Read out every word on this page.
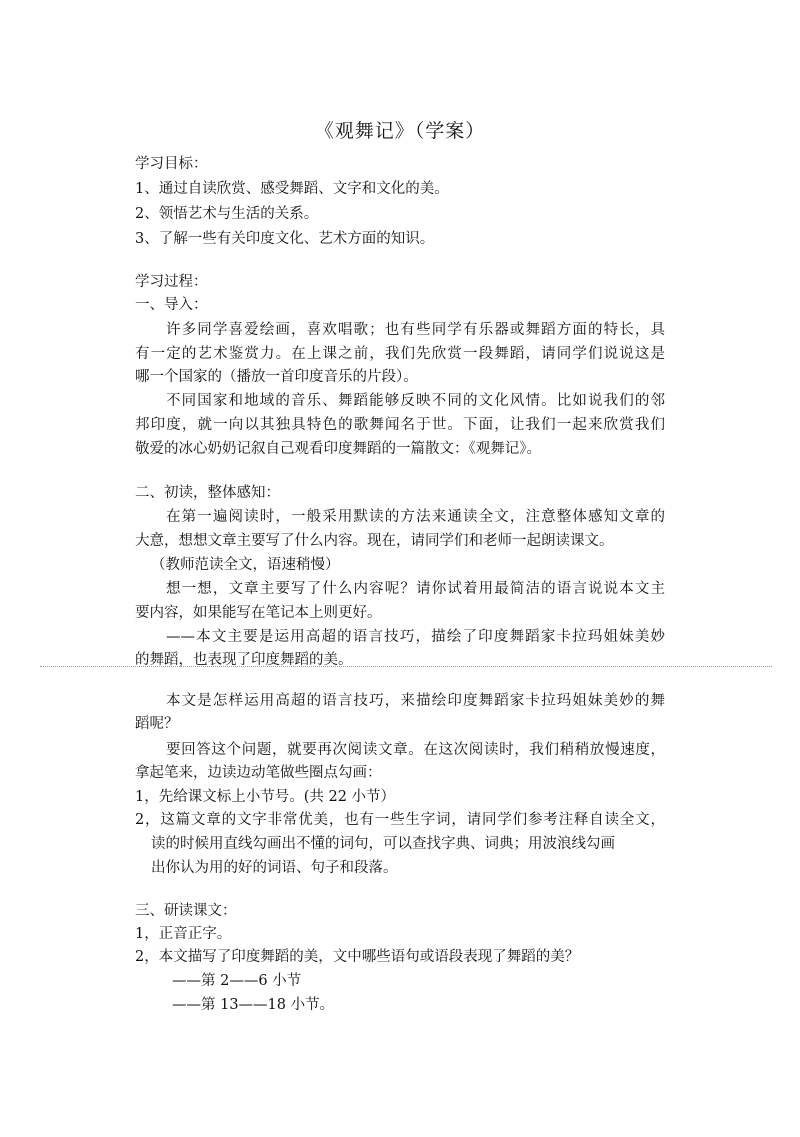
《观舞记》（学案）
学习目标：
1、通过自读欣赏、感受舞蹈、文字和文化的美。
2、领悟艺术与生活的关系。
3、了解一些有关印度文化、艺术方面的知识。
学习过程：
一、导入：
许多同学喜爱绘画，喜欢唱歌；也有些同学有乐器或舞蹈方面的特长，具
有一定的艺术鉴赏力。在上课之前，我们先欣赏一段舞蹈，请同学们说说这是
哪一个国家的（播放一首印度音乐的片段）。
不同国家和地域的音乐、舞蹈能够反映不同的文化风情。比如说我们的邻
邦印度，就一向以其独具特色的歌舞闻名于世。下面，让我们一起来欣赏我们
敬爱的冰心奶奶记叙自己观看印度舞蹈的一篇散文：《观舞记》。
二、初读，整体感知：
在第一遍阅读时，一般采用默读的方法来通读全文，注意整体感知文章的
大意，想想文章主要写了什么内容。现在，请同学们和老师一起朗读课文。
（教师范读全文，语速稍慢）
想一想，文章主要写了什么内容呢？请你试着用最简洁的语言说说本文主
要内容，如果能写在笔记本上则更好。
——本文主要是运用高超的语言技巧，描绘了印度舞蹈家卡拉玛姐妹美妙
的舞蹈，也表现了印度舞蹈的美。
本文是怎样运用高超的语言技巧，来描绘印度舞蹈家卡拉玛姐妹美妙的舞
蹈呢？
要回答这个问题，就要再次阅读文章。在这次阅读时，我们稍稍放慢速度，
拿起笔来，边读边动笔做些圈点勾画：
1，先给课文标上小节号。(共 22 小节）
2，这篇文章的文字非常优美，也有一些生字词，请同学们参考注释自读全文，
读的时候用直线勾画出不懂的词句，可以查找字典、词典；用波浪线勾画
出你认为用的好的词语、句子和段落。
三、研读课文：
1，正音正字。
2，本文描写了印度舞蹈的美，文中哪些语句或语段表现了舞蹈的美？
——第 2——6 小节
——第 13——18 小节。
